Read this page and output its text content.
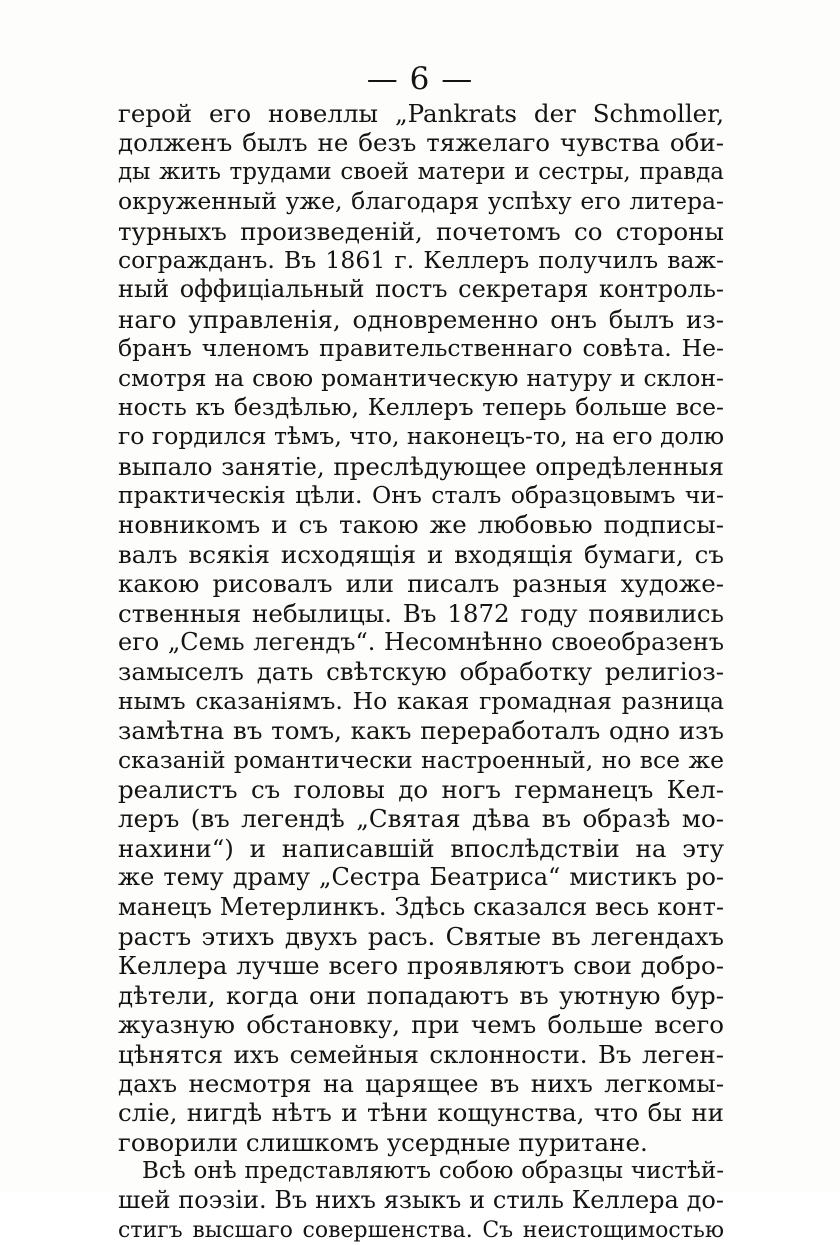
— 6 —
герой его новеллы „Pankrats der Schmoller,
долженъ былъ не безъ тяжелаго чувства оби-
ды жить трудами своей матери и сестры, правда
окруженный уже, благодаря успѣху его литера-
турныхъ произведеній, почетомъ со стороны
согражданъ. Въ 1861 г. Келлеръ получилъ важ-
ный оффиціальный постъ секретаря контроль-
наго управленія, одновременно онъ былъ из-
бранъ членомъ правительственнаго совѣта. Не-
смотря на свою романтическую натуру и склон-
ность къ бездѣлью, Келлеръ теперь больше все-
го гордился тѣмъ, что, наконецъ-то, на его долю
выпало занятіе, преслѣдующее опредѣленныя
практическія цѣли. Онъ сталъ образцовымъ чи-
новникомъ и съ такою же любовью подписы-
валъ всякія исходящія и входящія бумаги, съ
какою рисовалъ или писалъ разныя художе-
ственныя небылицы. Въ 1872 году появились
его „Семь легендъ“. Несомнѣнно своеобразенъ
замыселъ дать свѣтскую обработку религіоз-
нымъ сказаніямъ. Но какая громадная разница
замѣтна въ томъ, какъ переработалъ одно изъ
сказаній романтически настроенный, но все же
реалистъ съ головы до ногъ германецъ Кел-
леръ (въ легендѣ „Святая дѣва въ образѣ мо-
нахини“) и написавшій впослѣдствіи на эту
же тему драму „Сестра Беатриса“ мистикъ ро-
манецъ Метерлинкъ. Здѣсь сказался весь конт-
растъ этихъ двухъ расъ. Святые въ легендахъ
Келлера лучше всего проявляютъ свои добро-
дѣтели, когда они попадаютъ въ уютную бур-
жуазную обстановку, при чемъ больше всего
цѣнятся ихъ семейныя склонности. Въ леген-
дахъ несмотря на царящее въ нихъ легкомы-
сліе, нигдѣ нѣтъ и тѣни кощунства, что бы ни
говорили слишкомъ усердные пуритане.
Всѣ онѣ представляютъ собою образцы чистѣй-
шей поэзіи. Въ нихъ языкъ и стиль Келлера до-
стигъ высшаго совершенства. Съ неистощимостью
